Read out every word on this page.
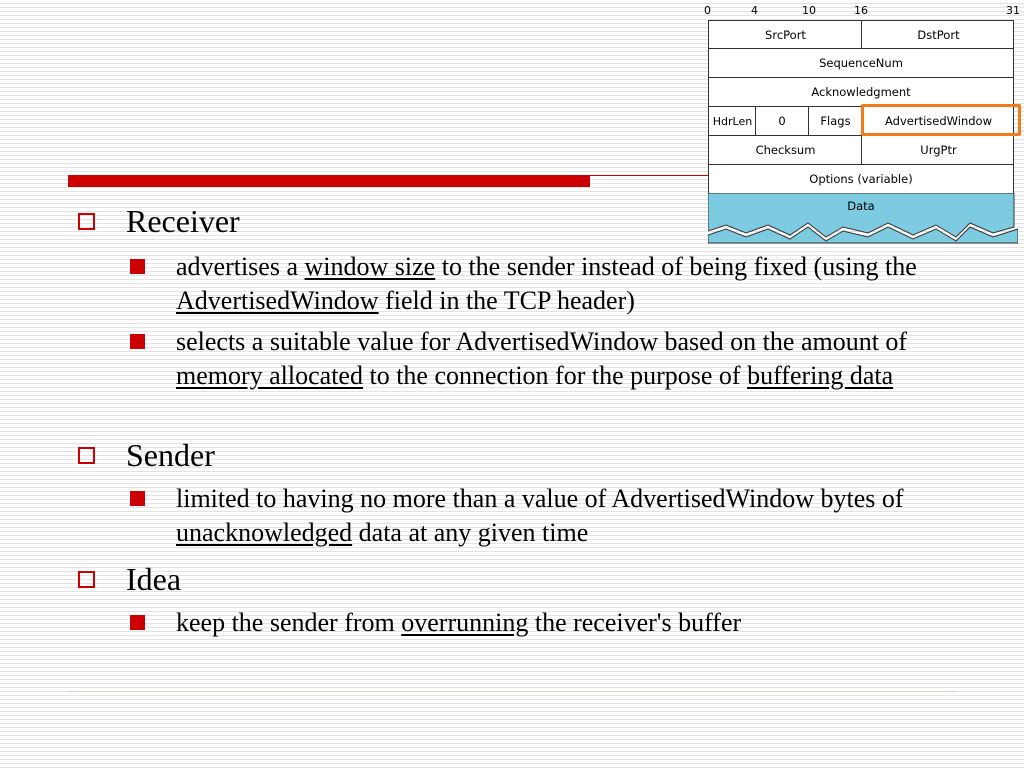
0	4	10	16	31
SrcPort	DstPort
SequenceNum
Acknowledgment
HdrLen	0	Flags	AdvertisedWindow
Checksum	UrgPtr
Options (variable)
Data
Receiver
advertises a window size to the sender instead of being fixed (using the AdvertisedWindow field in the TCP header)
selects a suitable value for AdvertisedWindow based on the amount of memory allocated to the connection for the purpose of buffering data
Sender
limited to having no more than a value of AdvertisedWindow bytes of unacknowledged data at any given time
Idea
keep the sender from overrunning the receiver's buffer
